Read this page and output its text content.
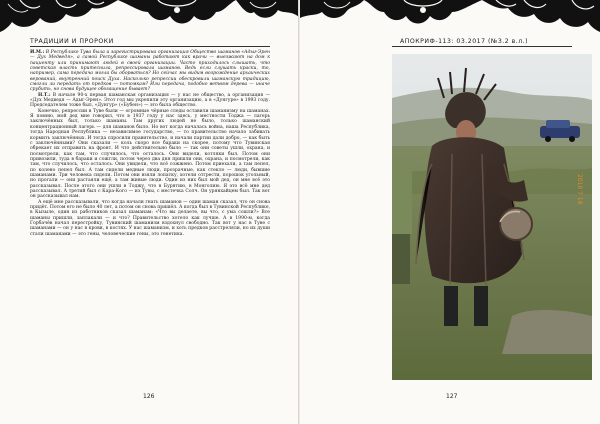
ТРАДИЦИИ И ПРОРОКИ

И.М.: В Республике Тува была и зарегистрирована организация Общество шаманов «Адыг-Эрен — Дух Медведя», а самой Республике шаманы работают как врачи — выезжают на дом к пациенту или принимают людей в своей организации. Часто приходилось слышать, что советская власть притеснила, репрессировала шаманов. Ведь если слушать краски, то, например, сама передача могла бы оборваться? Но сейчас мы видим возрождение архаических верований, внутренний поиск Духа. Насколько репрессии обескровили шаманскую традицию, смогли ли передать от предков — потомкам? Или передача, подобно ветвям дерева — иначе срубить, но снова будущее обогащение бывает?

Н.Т.: В начале 90-х первая шаманская организация — у нас не общество, а организация — «Дух Медведя — Адыг-Эрен». Этот год мы укрепили эту организацию, а в «Дунгуре» в 1993 году. Председателем тоже был, «Дунгур» («Бубен») — это была общество.

Конечно, репрессии в Туве были — огромные чёрные следы оставили шаманизму на шаманах. Я помню, мой дед мне говорил, что в 1937 году у нас здесь, у местности Тоджа — лагерь заключённых был, только шаманы. Там других людей не было, только шаманский концентрационный лагерь — для шаманов было. Но вот когда началась война, наша Республика, тогда Народная Республика — независимое государство, — то правительство начало забивать кормить заключённых. И тогда спросили правительство, и начали партии дали добро, — как быть с заключёнными? Они сказали — коль скоро все бараки на скорее, потому что Тувинская обрекает их отправить на фронт. И что действительно было — так они советы ушли, охрана, и посмотрели, как там, что случилось, что осталось. Они видели, котляки был. Потом они привозили, туда в бараки и сожгли, потом через два дня пришли они, охрана, и посмотрели, как там, что случилось, что осталось. Они увидели, что всё сожжено. Потом приехали, а там пепел, по колено пепел был. А там сидели медные люди, прозрачные, как стекло — люди, бывшие шаманами. Три человека сидели. Потом они взяли лопатку, хотели отгрести, порошок угольный, но прогали — они растаяли ещё, а там живые люди. Один из них был мой дед, он мне всё это рассказывал. После этого они ушли в Тоджу, что в Бурятию, в Монголию. Я это всё мне дед рассказывал. А третий был с Кара-Кого — из Тувы, с местечка Солч. Он урянхайцем был. Так вот он рассказывал нам.

А ещё мне рассказывали, что когда начали гнать шаманов — один шаман сказал, что он снова придёт. Потом его не было 40 лет, а потом он снова пришёл. А когда был в Тувинской Республике, в Кызыле, один из работников сказал шаманам: «Что вы делаете, вы что, с ума сошли?» Все шаманы пришли, заплакали — и что? Правительство хотело как лучше. А в 1990-м, когда Горбачёв начал перестройку, Тувинский шаманизм вздохнул свободно. Так вот у нас в Туве с шаманами — он у нас в крови, в костях. У нас шаманизм, и хоть предков расстреляли, но их души стали шаманами — это гены, человеческие гены, это генетика.

126
АПОКРИФ-113: 03.2017 (№3.2 в.л.)
127
2010 7 18
